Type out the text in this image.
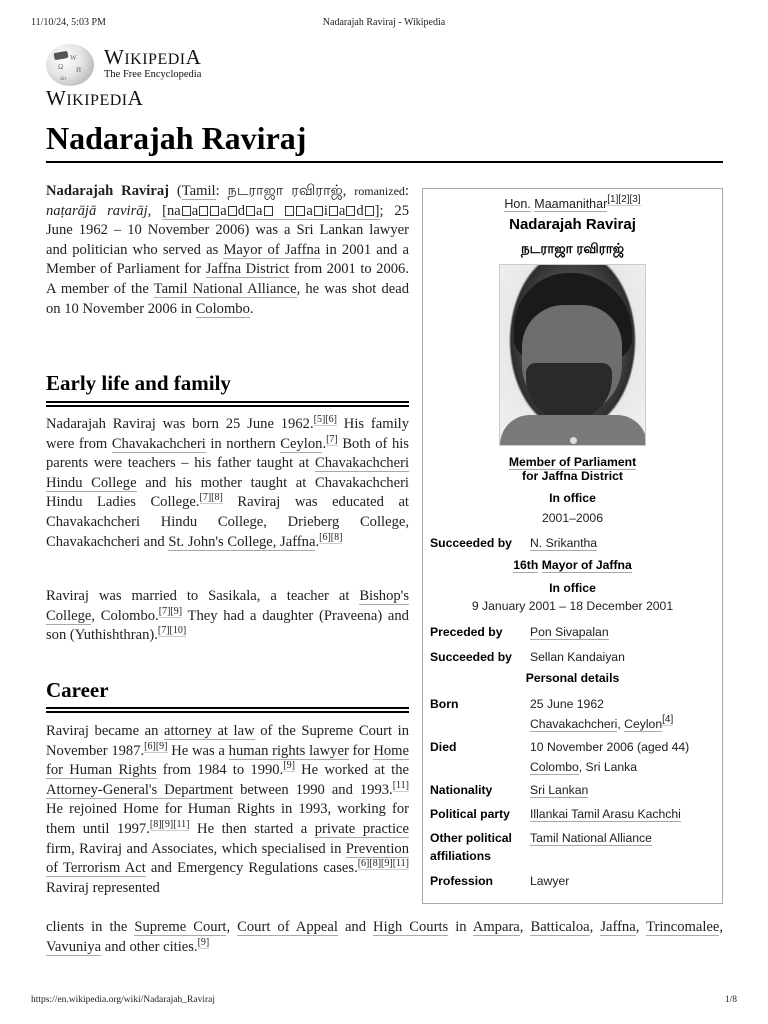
11/10/24, 5:03 PM	Nadarajah Raviraj - Wikipedia
W
Ω И
ள
WIKIPEDIA
The Free Encyclopedia
WIKIPEDIA
Nadarajah Raviraj

Nadarajah Raviraj (Tamil: நடராஜா ரவிராஜ், romanized: naṭarājā ravirāj, [na a a d a	a i a d ]; 25 June 1962 – 10 November 2006) was a Sri Lankan lawyer and politician who served as Mayor of Jaffna in 2001 and a Member of Parliament for Jaffna District from 2001 to 2006. A member of the Tamil National Alliance, he was shot dead on 10 November 2006 in Colombo.

Early life and family

Nadarajah Raviraj was born 25 June 1962.[5][6] His family were from Chavakachcheri in northern Ceylon.[7] Both of his parents were teachers – his father taught at Chavakachcheri Hindu College and his mother taught at Chavakachcheri Hindu Ladies College.[7][8] Raviraj was educated at Chavakachcheri Hindu College, Drieberg College, Chavakachcheri and St. John's College, Jaffna.[6][8]

Raviraj was married to Sasikala, a teacher at Bishop's College, Colombo.[7][9] They had a daughter (Praveena) and son (Yuthishthran).[7][10]

Career

Raviraj became an attorney at law of the Supreme Court in November 1987.[6][9] He was a human rights lawyer for Home for Human Rights from 1984 to 1990.[9] He worked at the Attorney-General's Department between 1990 and 1993.[11] He rejoined Home for Human Rights in 1993, working for them until 1997.[8][9][11] He then started a private practice firm, Raviraj and Associates, which specialised in Prevention of Terrorism Act and Emergency Regulations cases.[6][8][9][11] Raviraj represented

clients in the Supreme Court, Court of Appeal and High Courts in Ampara, Batticaloa, Jaffna, Trincomalee, Vavuniya and other cities.[9]
Hon. Maamanithar[1][2][3]
Nadarajah Raviraj
நடராஜா ரவிராஜ்
Member of Parliament
for Jaffna District
In office
2001–2006
Succeeded by	N. Srikantha
16th Mayor of Jaffna
In office
9 January 2001 – 18 December 2001
Preceded by	Pon Sivapalan
Succeeded by	Sellan Kandaiyan
Personal details
Born	25 June 1962
Chavakachcheri, Ceylon[4]
Died	10 November 2006 (aged 44)
Colombo, Sri Lanka
Nationality	Sri Lankan
Political party	Illankai Tamil Arasu Kachchi
Other political
affiliations
Tamil National Alliance
Profession	Lawyer
https://en.wikipedia.org/wiki/Nadarajah_Raviraj	1/8
